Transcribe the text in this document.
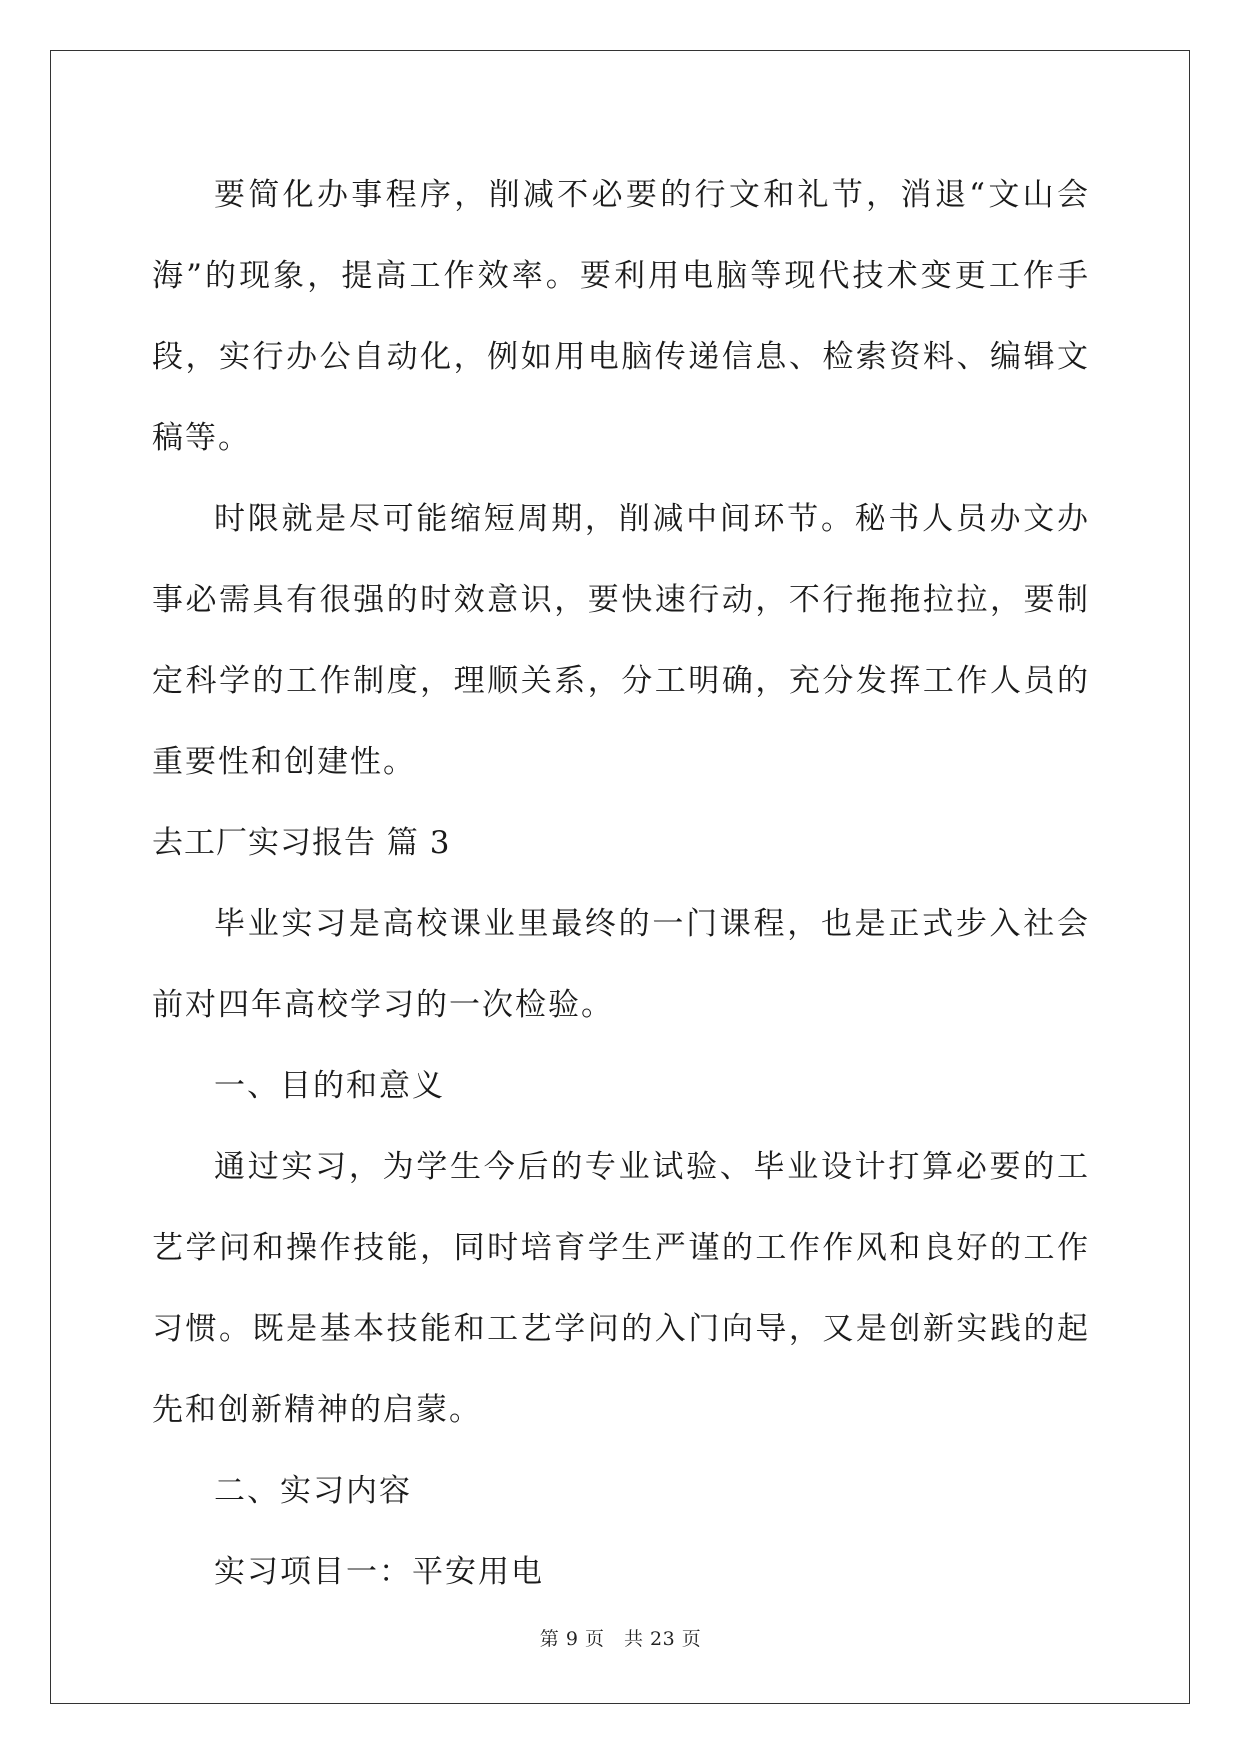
要简化办事程序，削减不必要的行文和礼节，消退“文山会海”的现象，提高工作效率。要利用电脑等现代技术变更工作手段，实行办公自动化，例如用电脑传递信息、检索资料、编辑文稿等。

时限就是尽可能缩短周期，削减中间环节。秘书人员办文办事必需具有很强的时效意识，要快速行动，不行拖拖拉拉，要制定科学的工作制度，理顺关系，分工明确，充分发挥工作人员的重要性和创建性。

去工厂实习报告 篇 3

毕业实习是高校课业里最终的一门课程，也是正式步入社会前对四年高校学习的一次检验。

一、目的和意义

通过实习，为学生今后的专业试验、毕业设计打算必要的工艺学问和操作技能，同时培育学生严谨的工作作风和良好的工作习惯。既是基本技能和工艺学问的入门向导，又是创新实践的起先和创新精神的启蒙。

二、实习内容

实习项目一：平安用电

第 9 页　共 23 页
